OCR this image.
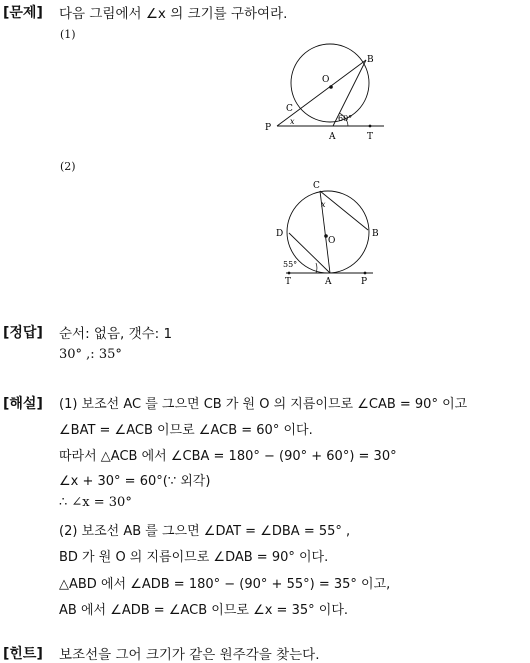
[문제] 다음 그림에서 ∠x 의 크기를 구하여라.
(1)
P
C
O
B
A	T
x	60°
(2)
C
x
D
O
B
55°
T	A	P
[정답] 순서: 없음, 갯수: 1
30° ,: 35°
[해설] (1) 보조선 AC 를 그으면 CB 가 원 O 의 지름이므로 ∠CAB = 90° 이고
∠BAT = ∠ACB 이므로 ∠ACB = 60° 이다.
따라서 △ACB 에서 ∠CBA = 180° − (90° + 60°) = 30°
∠x + 30° = 60°(∵ 외각)
∴ ∠x = 30°
(2) 보조선 AB 를 그으면 ∠DAT = ∠DBA = 55° ,
BD 가 원 O 의 지름이므로 ∠DAB = 90° 이다.
△ABD 에서 ∠ADB = 180° − (90° + 55°) = 35° 이고,
AB 에서 ∠ADB = ∠ACB 이므로 ∠x = 35° 이다.
[힌트] 보조선을 그어 크기가 같은 원주각을 찾는다.
